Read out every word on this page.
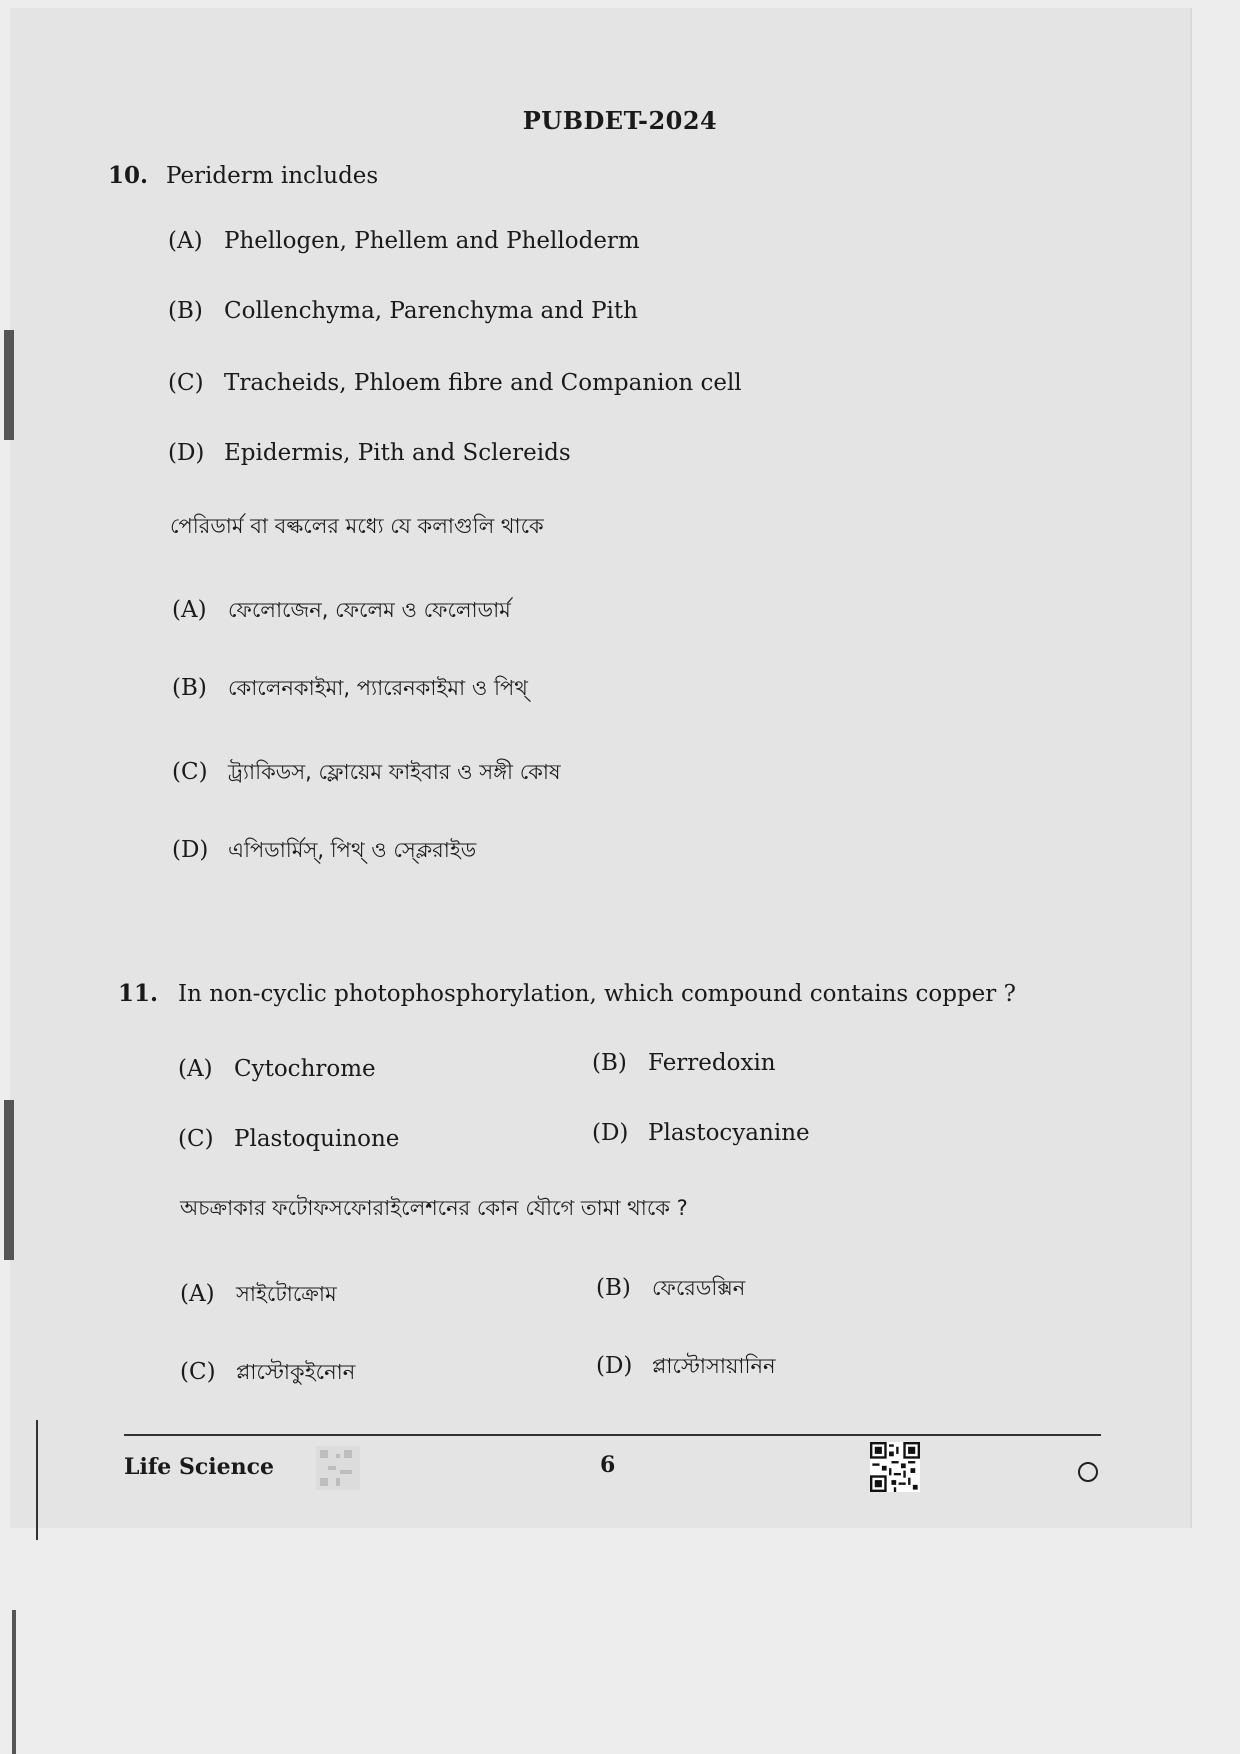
PUBDET-2024
10. Periderm includes
(A) Phellogen, Phellem and Phelloderm
(B) Collenchyma, Parenchyma and Pith
(C) Tracheids, Phloem fibre and Companion cell
(D) Epidermis, Pith and Sclereids
পেরিডার্ম বা বল্কলের মধ্যে যে কলাগুলি থাকে
(A) ফেলোজেন, ফেলেম ও ফেলোডার্ম
(B) কোলেনকাইমা, প্যারেনকাইমা ও পিথ্
(C) ট্র্যাকিডস, ফ্লোয়েম ফাইবার ও সঙ্গী কোষ
(D) এপিডার্মিস্, পিথ্ ও স্ক্লেরাইড
11. In non-cyclic photophosphorylation, which compound contains copper ?
(A) Cytochrome	(B) Ferredoxin
(C) Plastoquinone	(D) Plastocyanine
অচক্রাকার ফটোফসফোরাইলেশনের কোন যৌগে তামা থাকে ?
(A) সাইটোক্রোম	(B) ফেরেডক্সিন
(C) প্লাস্টোকুইনোন	(D) প্লাস্টোসায়ানিন
Life Science	6
